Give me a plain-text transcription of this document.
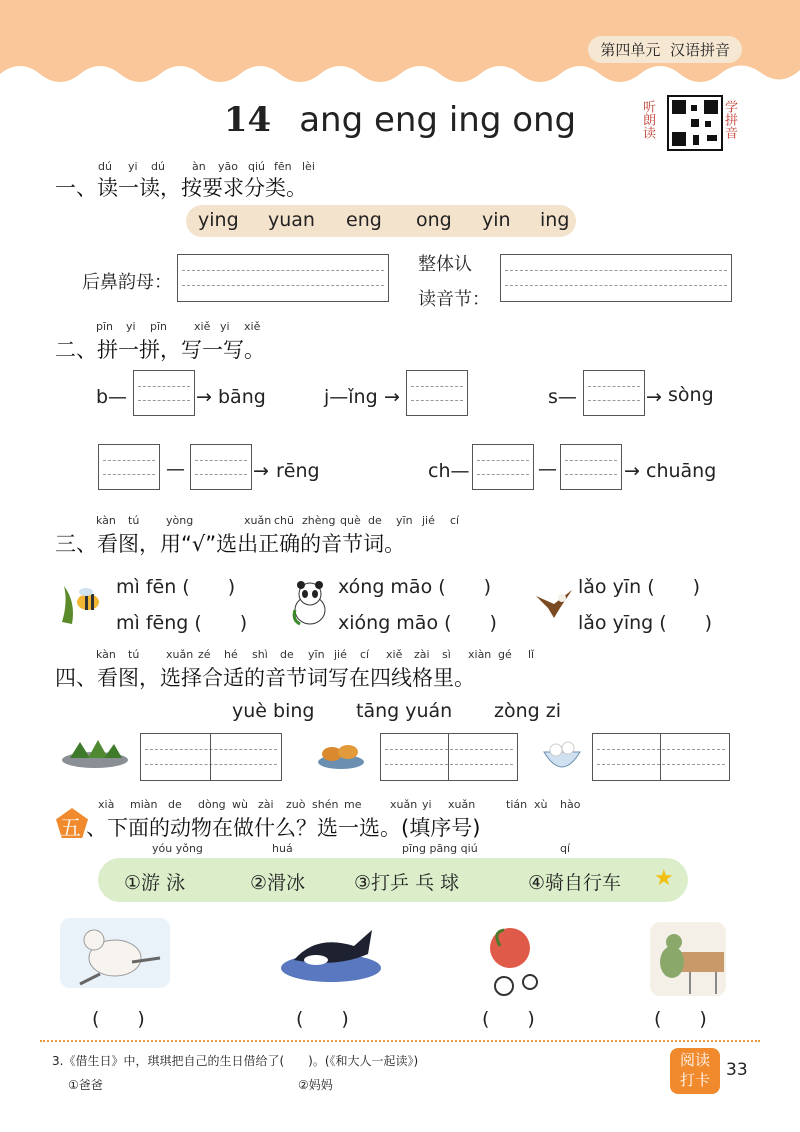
第四单元 汉语拼音
14 ang eng ing ong	听朗读	学拼音
dú yi dú àn yāo qiú fēn lèi
一、读一读，按要求分类。
ying yuan eng ong yin ing
后鼻韵母：
整体认
读音节：
pīn yi pīn xiě yi xiě
二、拼一拼，写一写。
b—	→ bāng	j—ǐng →	s—	→ sòng
—	→ rēng	ch—	—	→ chuāng
kàn tú yòng	xuǎn chū zhèng què de yīn jié cí
三、看图，用“√”选出正确的音节词。
mì fēn (　　)
mì fēng (　　)
xóng māo (　　)
xióng māo (　　)
lǎo yīn (　　)
lǎo yīng (　　)
kàn tú xuǎn zé hé shì de yīn jié cí xiě zài sì xiàn gé lǐ
四、看图，选择合适的音节词写在四线格里。
yuè bing tāng yuán zòng zi
xià miàn de dòng wù zài zuò shén me	xuǎn yi xuǎn	tián xù hào
五 、下面的动物在做什么？选一选。(填序号)
yóu yǒng	huá	pīng pāng qiú	qí
①游 泳	②滑冰	③打乒 乓 球	④骑自行车 ★
(　　)	(　　)	(　　)	(　　)
3.《借生日》中，琪琪把自己的生日借给了(　　)。(《和大人一起读》)
①爸爸	②妈妈
阅读
打卡 33
